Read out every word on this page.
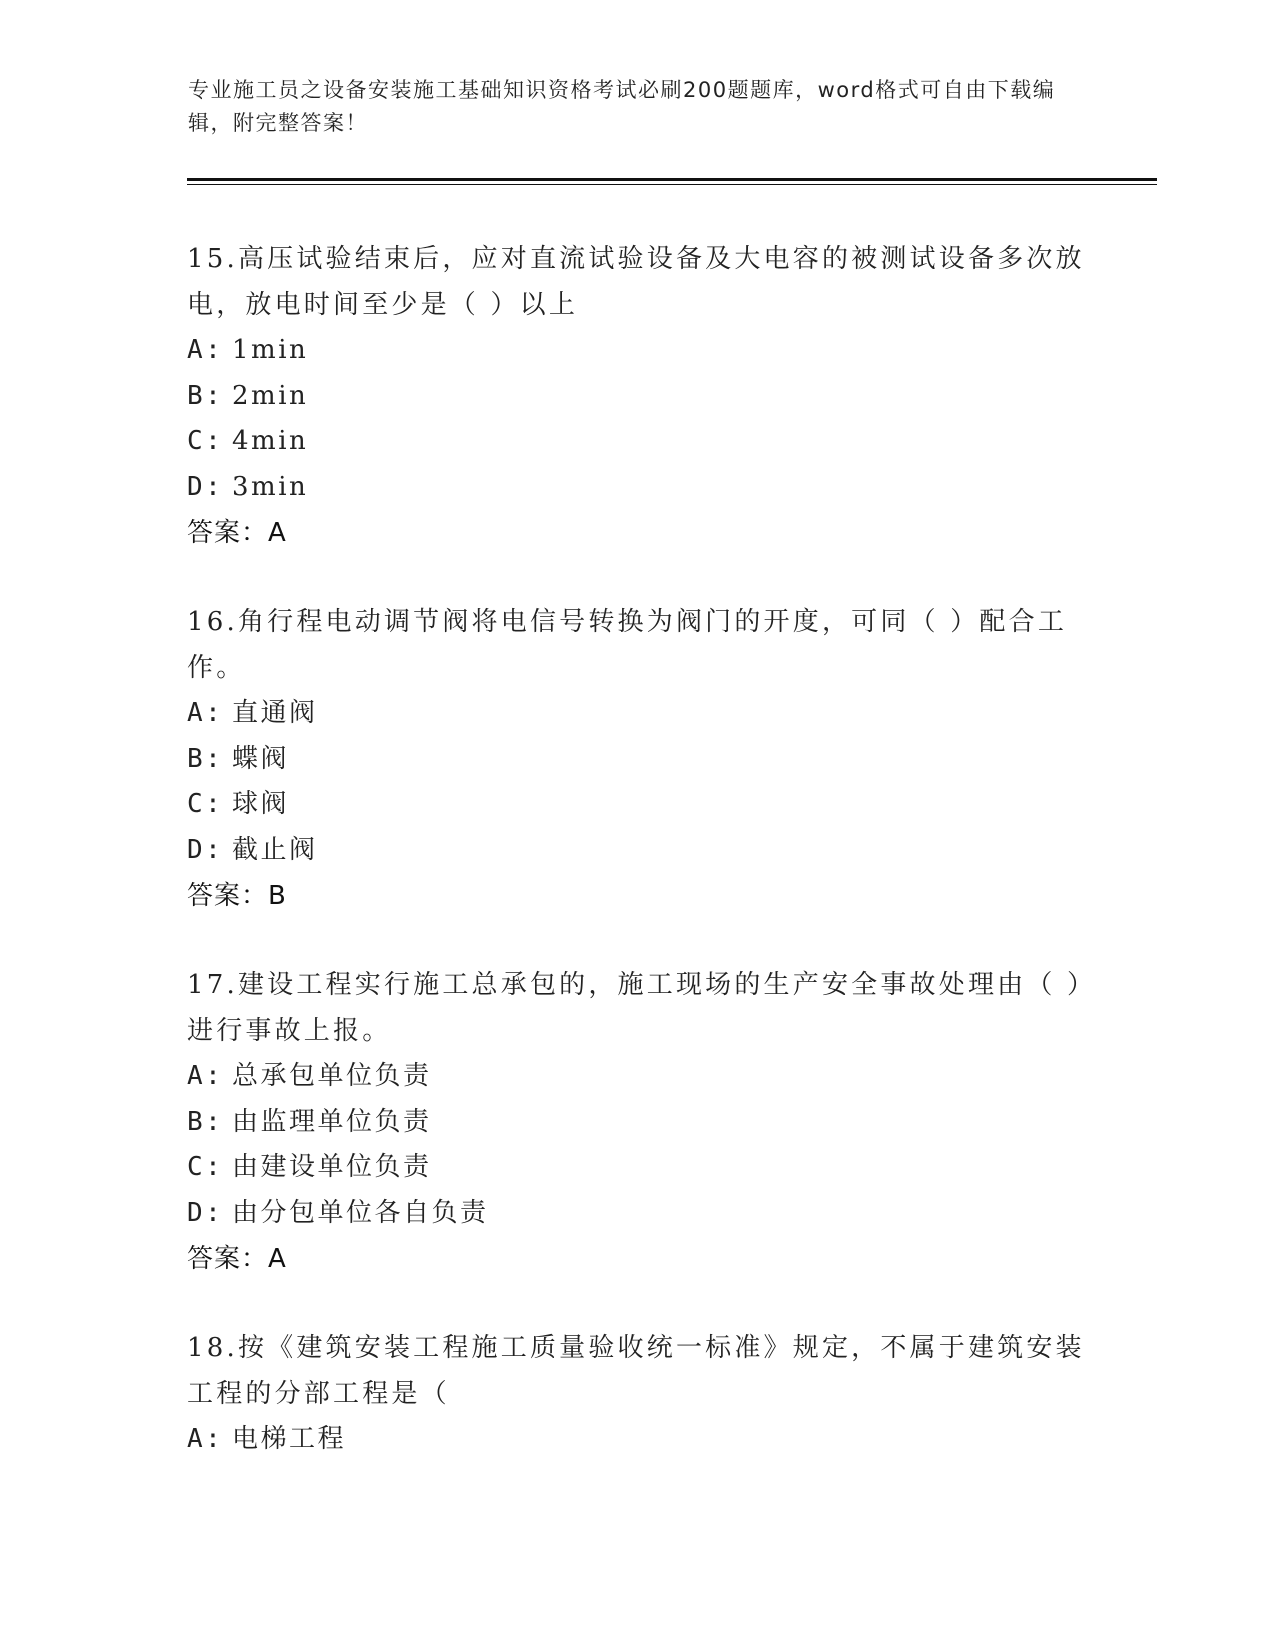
专业施工员之设备安装施工基础知识资格考试必刷200题题库，word格式可自由下载编辑，附完整答案！

15.高压试验结束后，应对直流试验设备及大电容的被测试设备多次放电，放电时间至少是（ ）以上

A: 1min
B: 2min
C: 4min
D: 3min
答案：A

16.角行程电动调节阀将电信号转换为阀门的开度，可同（ ）配合工作。

A: 直通阀
B: 蝶阀
C: 球阀
D: 截止阀
答案：B

17.建设工程实行施工总承包的，施工现场的生产安全事故处理由（ ）进行事故上报。

A: 总承包单位负责
B: 由监理单位负责
C: 由建设单位负责
D: 由分包单位各自负责
答案：A

18.按《建筑安装工程施工质量验收统一标准》规定，不属于建筑安装工程的分部工程是（

A: 电梯工程
